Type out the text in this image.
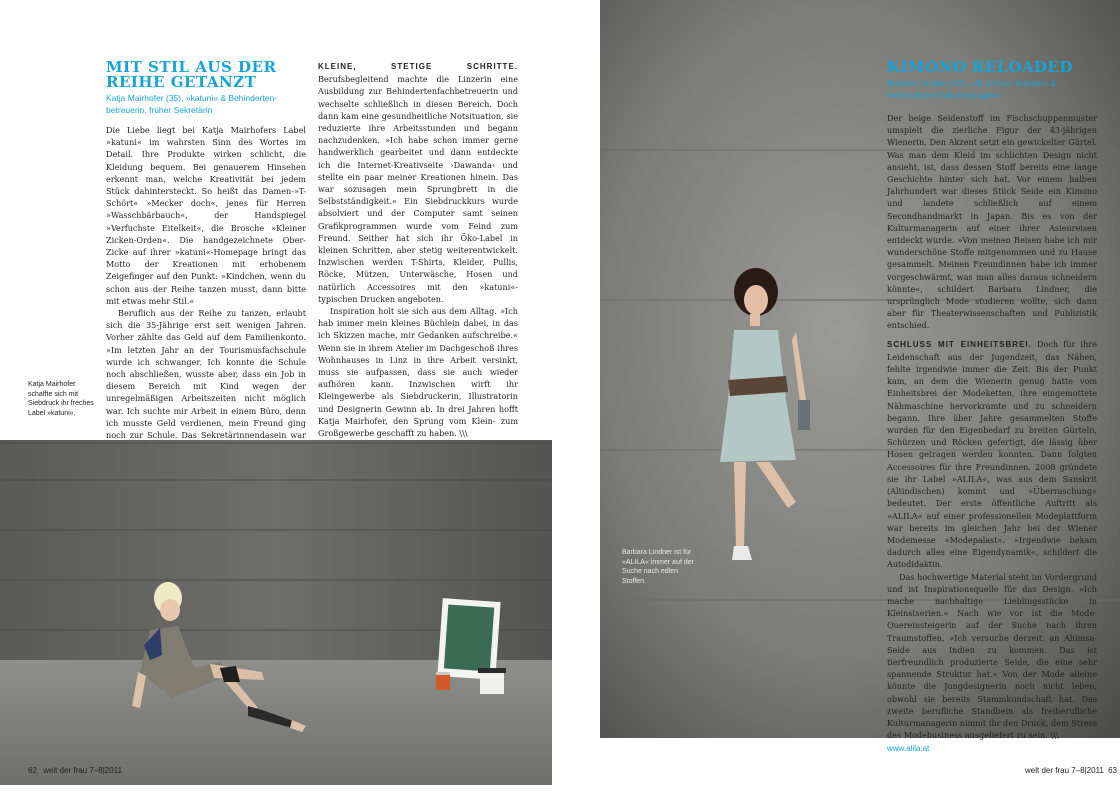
MIT STIL AUS DER REIHE GETANZT
Katja Mairhofer (35), »katuni« & Behindertenbetreuerin, früher Sekretärin

Die Liebe liegt bei Katja Mairhofers Label »katuni« im wahrsten Sinn des Wortes im Detail. Ihre Produkte wirken schlicht, die Kleidung bequem. Bei genauerem Hinsehen erkennt man, welche Kreativität bei jedem Stück dahintersteckt. So heißt das Damen-»T-Schört« »Mecker doch«, jenes für Herren »Wasschbärbauch«, der Handspiegel »Verfuchste Eitelkeit«, die Brosche »Kleiner Zicken-Orden«. Die handgezeichnete Ober-Zicke auf ihrer »katuni«-Homepage bringt das Motto der Kreationen mit erhobenem Zeigefinger auf den Punkt: »Kindchen, wenn du schon aus der Reihe tanzen musst, dann bitte mit etwas mehr Stil.«

Beruflich aus der Reihe zu tanzen, erlaubt sich die 35-Jährige erst seit wenigen Jahren. Vorher zählte das Geld auf dem Familienkonto. »Im letzten Jahr an der Tourismusfachschule wurde ich schwanger. Ich konnte die Schule noch abschließen, wusste aber, dass ein Job in diesem Bereich mit Kind wegen der unregelmäßigen Arbeitszeiten nicht möglich war. Ich suchte mir Arbeit in einem Büro, denn ich musste Geld verdienen, mein Freund ging noch zur Schule. Das Sekretärinnendasein war

KLEINE, STETIGE SCHRITTE. Berufsbegleitend machte die Linzerin eine Ausbildung zur Behindertenfachbetreuerin und wechselte schließlich in diesen Bereich. Doch dann kam eine gesundheitliche Notsituation, sie reduzierte ihre Arbeitsstunden und begann nachzudenken. »Ich habe schon immer gerne handwerklich gearbeitet und dann entdeckte ich die Internet-Kreativseite ›Dawanda‹ und stellte ein paar meiner Kreationen hinein. Das war sozusagen mein Sprungbrett in die Selbstständigkeit.« Ein Siebdruckkurs wurde absolviert und der Computer samt seinen Grafikprogrammen wurde vom Feind zum Freund. Seither hat sich ihr Öko-Label in kleinen Schritten, aber stetig weiterentwickelt. Inzwischen werden T-Shirts, Kleider, Pullis, Röcke, Mützen, Unterwäsche, Hosen und natürlich Accessoires mit den »katuni«-typischen Drucken angeboten.

Inspiration holt sie sich aus dem Alltag. »Ich hab immer mein kleines Büchlein dabei, in das ich Skizzen mache, mir Gedanken aufschreibe.« Wenn sie in ihrem Atelier im Dachgeschoß ihres Wohnhauses in Linz in ihre Arbeit versinkt, muss sie aufpassen, dass sie auch wieder aufhören kann. Inzwischen wirft ihr Kleingewerbe als Siebdruckerin, Illustratorin und Designerin Gewinn ab. In drei Jahren hofft Katja Mairhofer, den Sprung vom Klein- zum Großgewerbe geschafft zu haben. \\\

Katja Mairhofer schaffte sich mit Siebdruck ihr freches Label »katuni«.
62 welt der frau 7–8|2011
KIMONO RELOADED
Barbara Lindner (43), »ALILA eco fashion« & freiberufliche Kulturmanagerin

Der beige Seidenstoff im Fischschuppenmuster umspielt die zierliche Figur der 43-jährigen Wienerin. Den Akzent setzt ein gewickelter Gürtel. Was man dem Kleid im schlichten Design nicht ansieht, ist, dass dessen Stoff bereits eine lange Geschichte hinter sich hat. Vor einem halben Jahrhundert war dieses Stück Seide ein Kimono und landete schließlich auf einem Secondhandmarkt in Japan. Bis es von der Kulturmanagerin auf einer ihrer Asienreisen entdeckt wurde. »Von meinen Reisen habe ich mir wunderschöne Stoffe mitgenommen und zu Hause gesammelt. Meinen Freundinnen habe ich immer vorgeschwärmt, was man alles daraus schneidern könnte«, schildert Barbara Lindner, die ursprünglich Mode studieren wollte, sich dann aber für Theaterwissenschaften und Publizistik entschied.

SCHLUSS MIT EINHEITSBREI. Doch für ihre Leidenschaft aus der Jugendzeit, das Nähen, fehlte irgendwie immer die Zeit. Bis der Punkt kam, an dem die Wienerin genug hatte vom Einheitsbrei der Modeketten, ihre eingemottete Nähmaschine hervorkramte und zu schneidern begann. Ihre über Jahre gesammelten Stoffe wurden für den Eigenbedarf zu breiten Gürteln, Schürzen und Röcken gefertigt, die lässig über Hosen getragen werden konnten. Dann folgten Accessoires für ihre Freundinnen. 2008 gründete sie ihr Label »ALILA«, was aus dem Sanskrit (Altindischen) kommt und »Überraschung« bedeutet. Der erste öffentliche Auftritt als »ALILA« auf einer professionellen Modeplattform war bereits im gleichen Jahr bei der Wiener Modemesse »Modepalast«. »Irgendwie bekam dadurch alles eine Eigendynamik«, schildert die Autodidaktin.

Das hochwertige Material steht im Vordergrund und ist Inspirationsquelle für das Design. »Ich mache nachhaltige Lieblingsstücke in Kleinstserien.« Nach wie vor ist die Mode-Quereinsteigerin auf der Suche nach ihren Traumstoffen. »Ich versuche derzeit, an Ahimsa-Seide aus Indien zu kommen. Das ist tierfreundlich produzierte Seide, die eine sehr spannende Struktur hat.« Von der Mode alleine könnte die Jungdesignerin noch nicht leben, obwohl sie bereits Stammkundschaft hat. Das zweite berufliche Standbein als freiberufliche Kulturmanagerin nimmt ihr den Druck, dem Stress des Modebusiness ausgeliefert zu sein. \\\

www.alila.at

Barbara Lindner ist für »ALILA« immer auf der Suche nach edlen Stoffen.
welt der frau 7–8|2011 63
